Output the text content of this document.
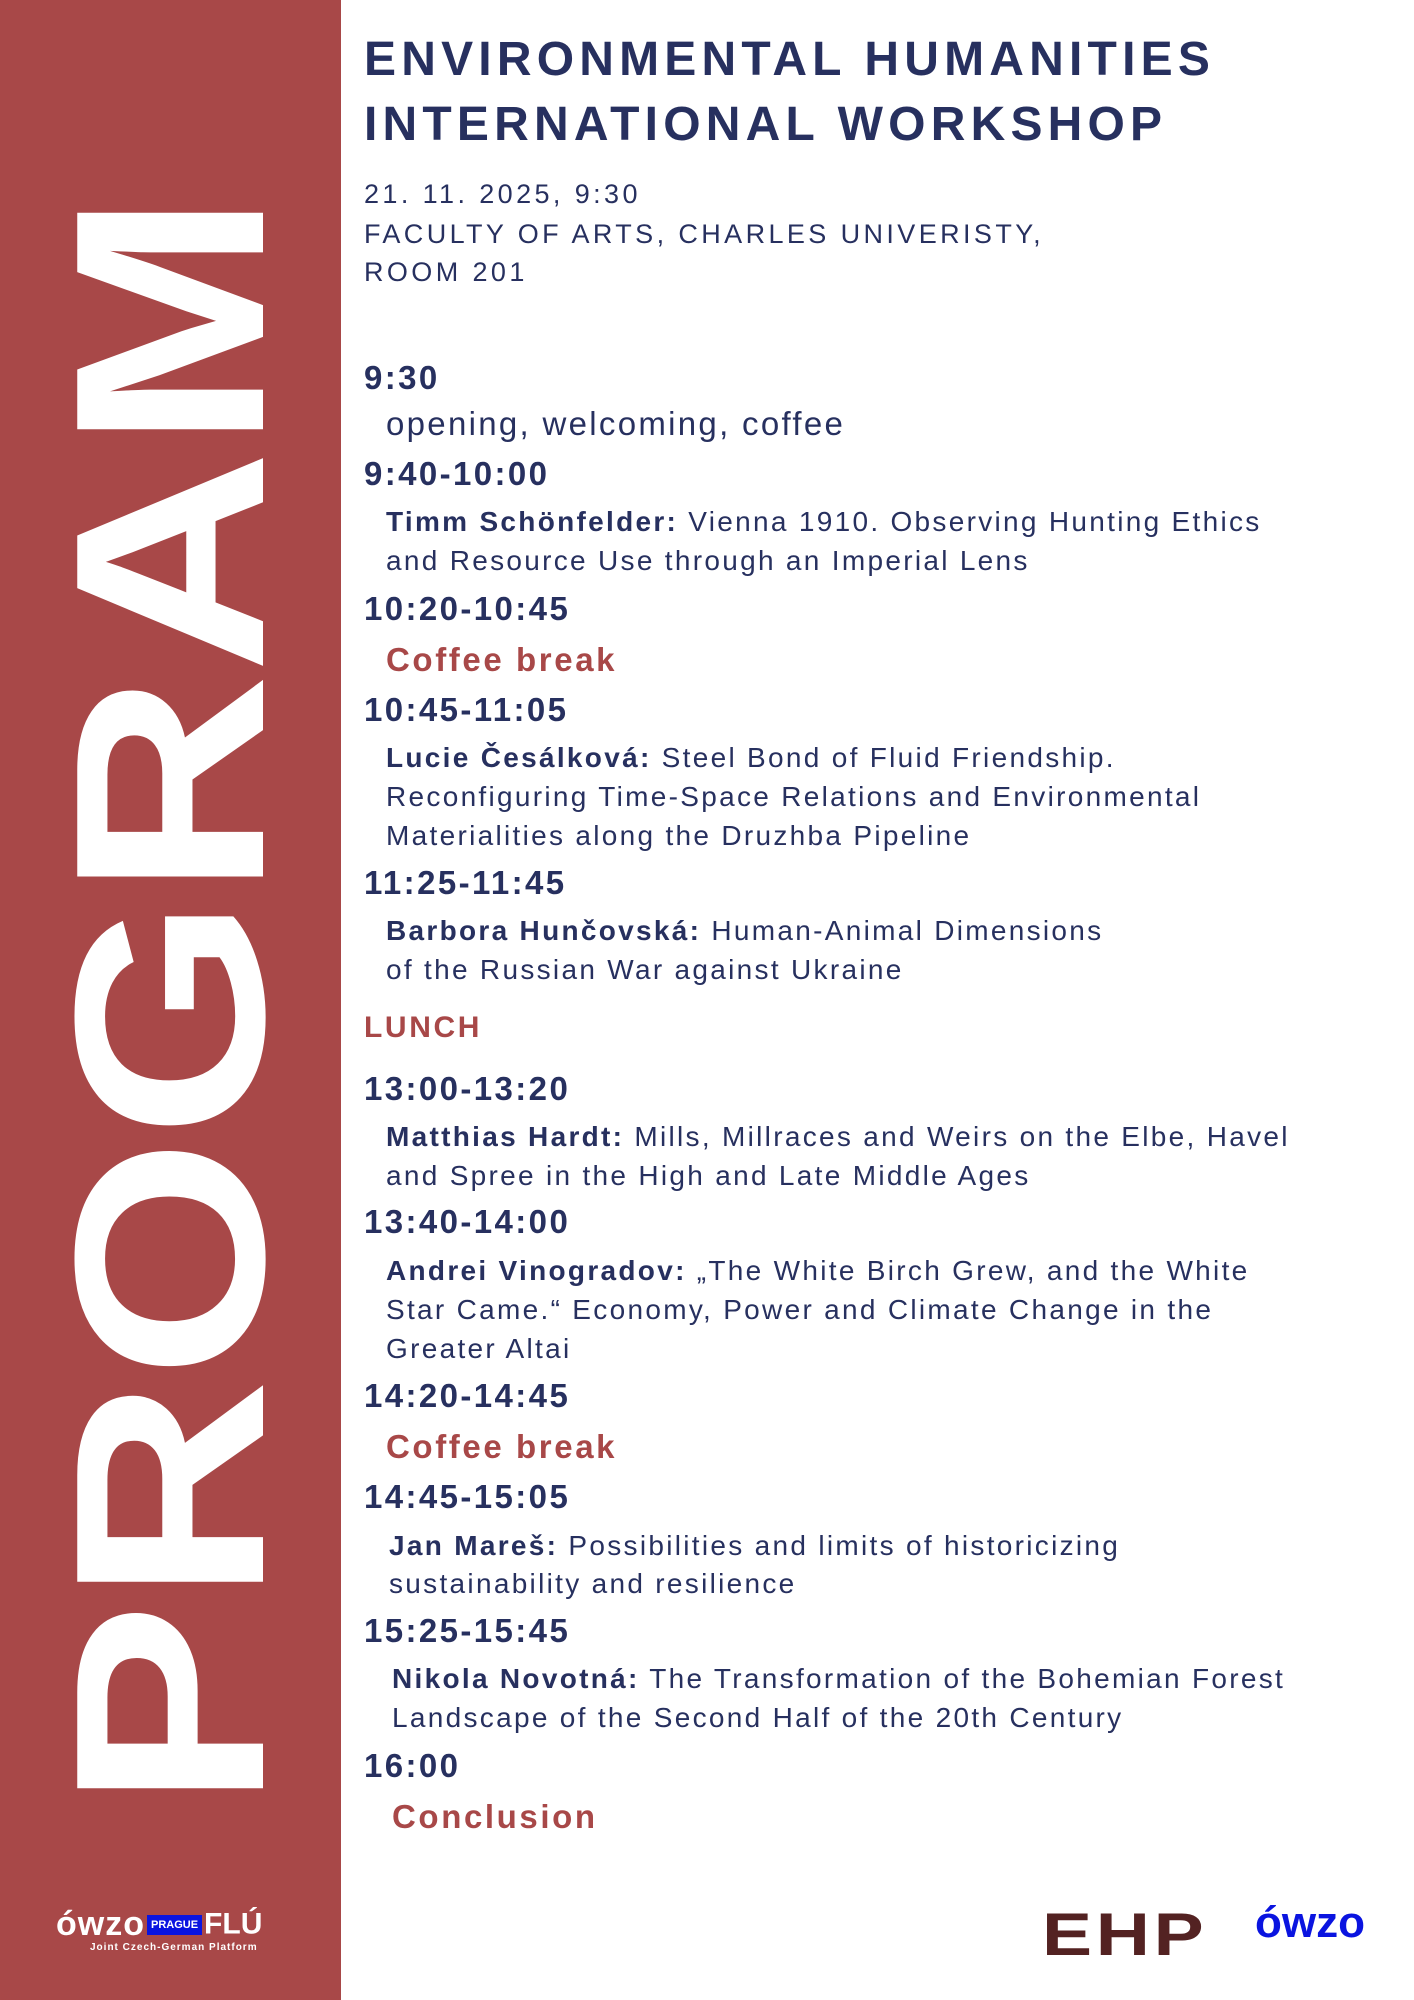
PROGRAM
ówzo PRAGUE FLÚ
Joint Czech-German Platform
ENVIRONMENTAL HUMANITIES
INTERNATIONAL WORKSHOP
21. 11. 2025, 9:30
FACULTY OF ARTS, CHARLES UNIVERISTY,
ROOM 201
9:30
opening, welcoming, coffee
9:40-10:00
Timm Schönfelder: Vienna 1910. Observing Hunting Ethics
and Resource Use through an Imperial Lens
10:20-10:45
Coffee break
10:45-11:05
Lucie Česálková: Steel Bond of Fluid Friendship.
Reconfiguring Time-Space Relations and Environmental
Materialities along the Druzhba Pipeline
11:25-11:45
Barbora Hunčovská: Human-Animal Dimensions
of the Russian War against Ukraine
LUNCH
13:00-13:20
Matthias Hardt: Mills, Millraces and Weirs on the Elbe, Havel
and Spree in the High and Late Middle Ages
13:40-14:00
Andrei Vinogradov: „The White Birch Grew, and the White
Star Came.“ Economy, Power and Climate Change in the
Greater Altai
14:20-14:45
Coffee break
14:45-15:05
Jan Mareš: Possibilities and limits of historicizing
sustainability and resilience
15:25-15:45
Nikola Novotná: The Transformation of the Bohemian Forest
Landscape of the Second Half of the 20th Century
16:00
Conclusion
EHP ówzo
